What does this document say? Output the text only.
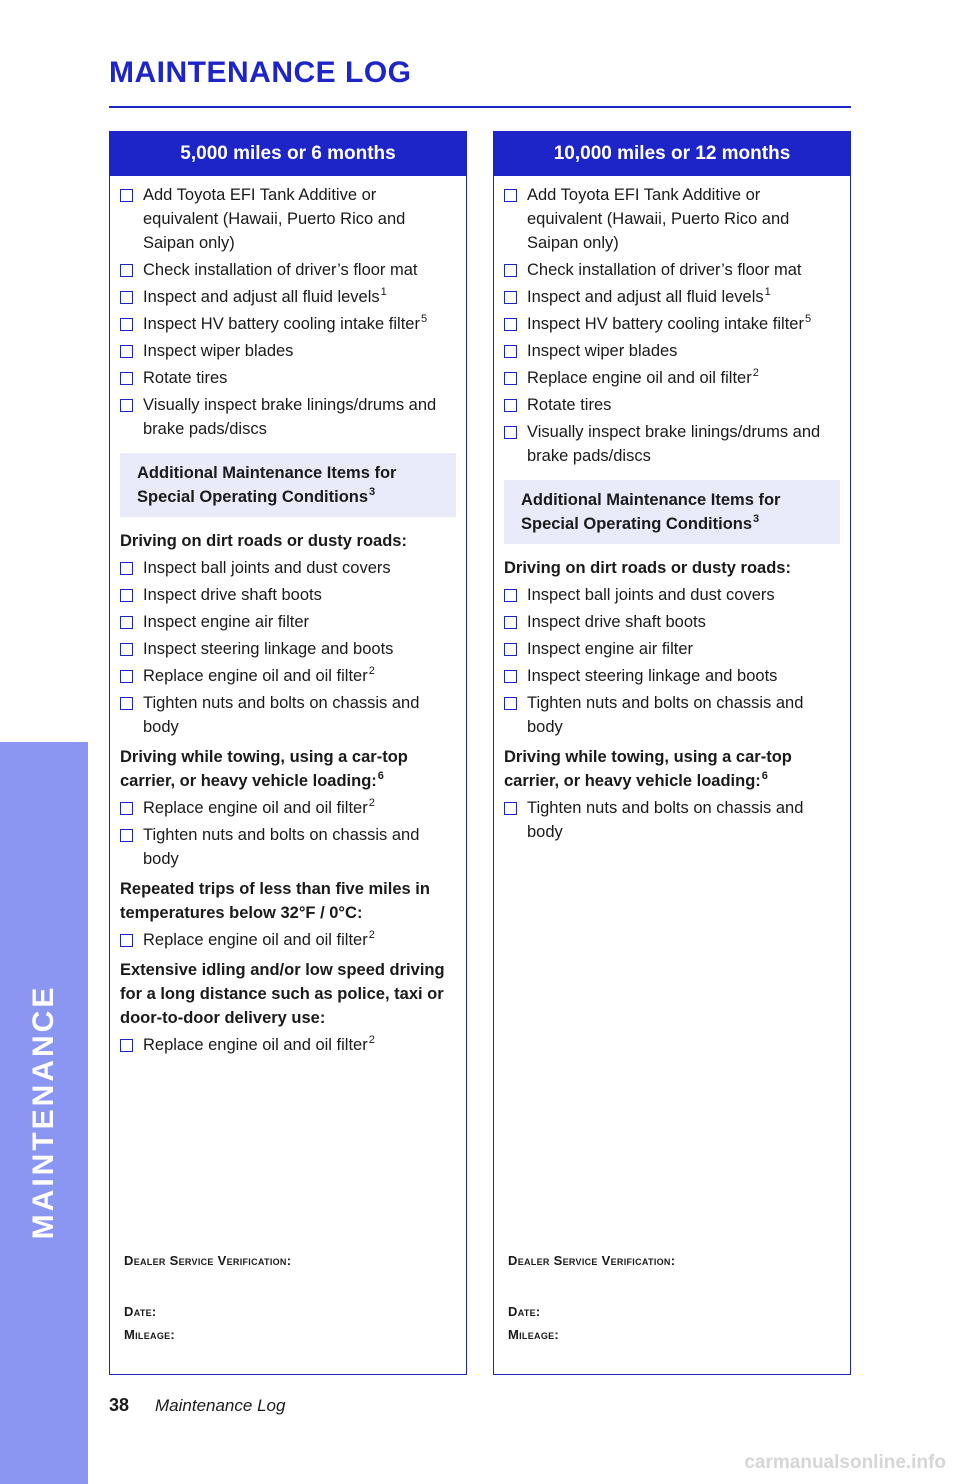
MAINTENANCE LOG
MAINTENANCE
5,000 miles or 6 months
Add Toyota EFI Tank Additive or equivalent (Hawaii, Puerto Rico and Saipan only)
Check installation of driver’s floor mat
Inspect and adjust all fluid levels$^1$
Inspect HV battery cooling intake filter$^5$
Inspect wiper blades
Rotate tires
Visually inspect brake linings/drums and brake pads/discs
Additional Maintenance Items for Special Operating Conditions$^3$
Driving on dirt roads or dusty roads:
Inspect ball joints and dust covers
Inspect drive shaft boots
Inspect engine air filter
Inspect steering linkage and boots
Replace engine oil and oil filter$^2$
Tighten nuts and bolts on chassis and body
Driving while towing, using a car-top carrier, or heavy vehicle loading:$^6$
Replace engine oil and oil filter$^2$
Tighten nuts and bolts on chassis and body
Repeated trips of less than five miles in temperatures below 32°F / 0°C:
Replace engine oil and oil filter$^2$
Extensive idling and/or low speed driving for a long distance such as police, taxi or door-to-door delivery use:
Replace engine oil and oil filter$^2$
Dealer Service Verification:
Date:
Mileage:
10,000 miles or 12 months
Add Toyota EFI Tank Additive or equivalent (Hawaii, Puerto Rico and Saipan only)
Check installation of driver’s floor mat
Inspect and adjust all fluid levels$^1$
Inspect HV battery cooling intake filter$^5$
Inspect wiper blades
Replace engine oil and oil filter$^2$
Rotate tires
Visually inspect brake linings/drums and brake pads/discs
Additional Maintenance Items for Special Operating Conditions$^3$
Driving on dirt roads or dusty roads:
Inspect ball joints and dust covers
Inspect drive shaft boots
Inspect engine air filter
Inspect steering linkage and boots
Tighten nuts and bolts on chassis and body
Driving while towing, using a car-top carrier, or heavy vehicle loading:$^6$
Tighten nuts and bolts on chassis and body
Dealer Service Verification:
Date:
Mileage:
38 Maintenance Log
carmanualsonline.info
